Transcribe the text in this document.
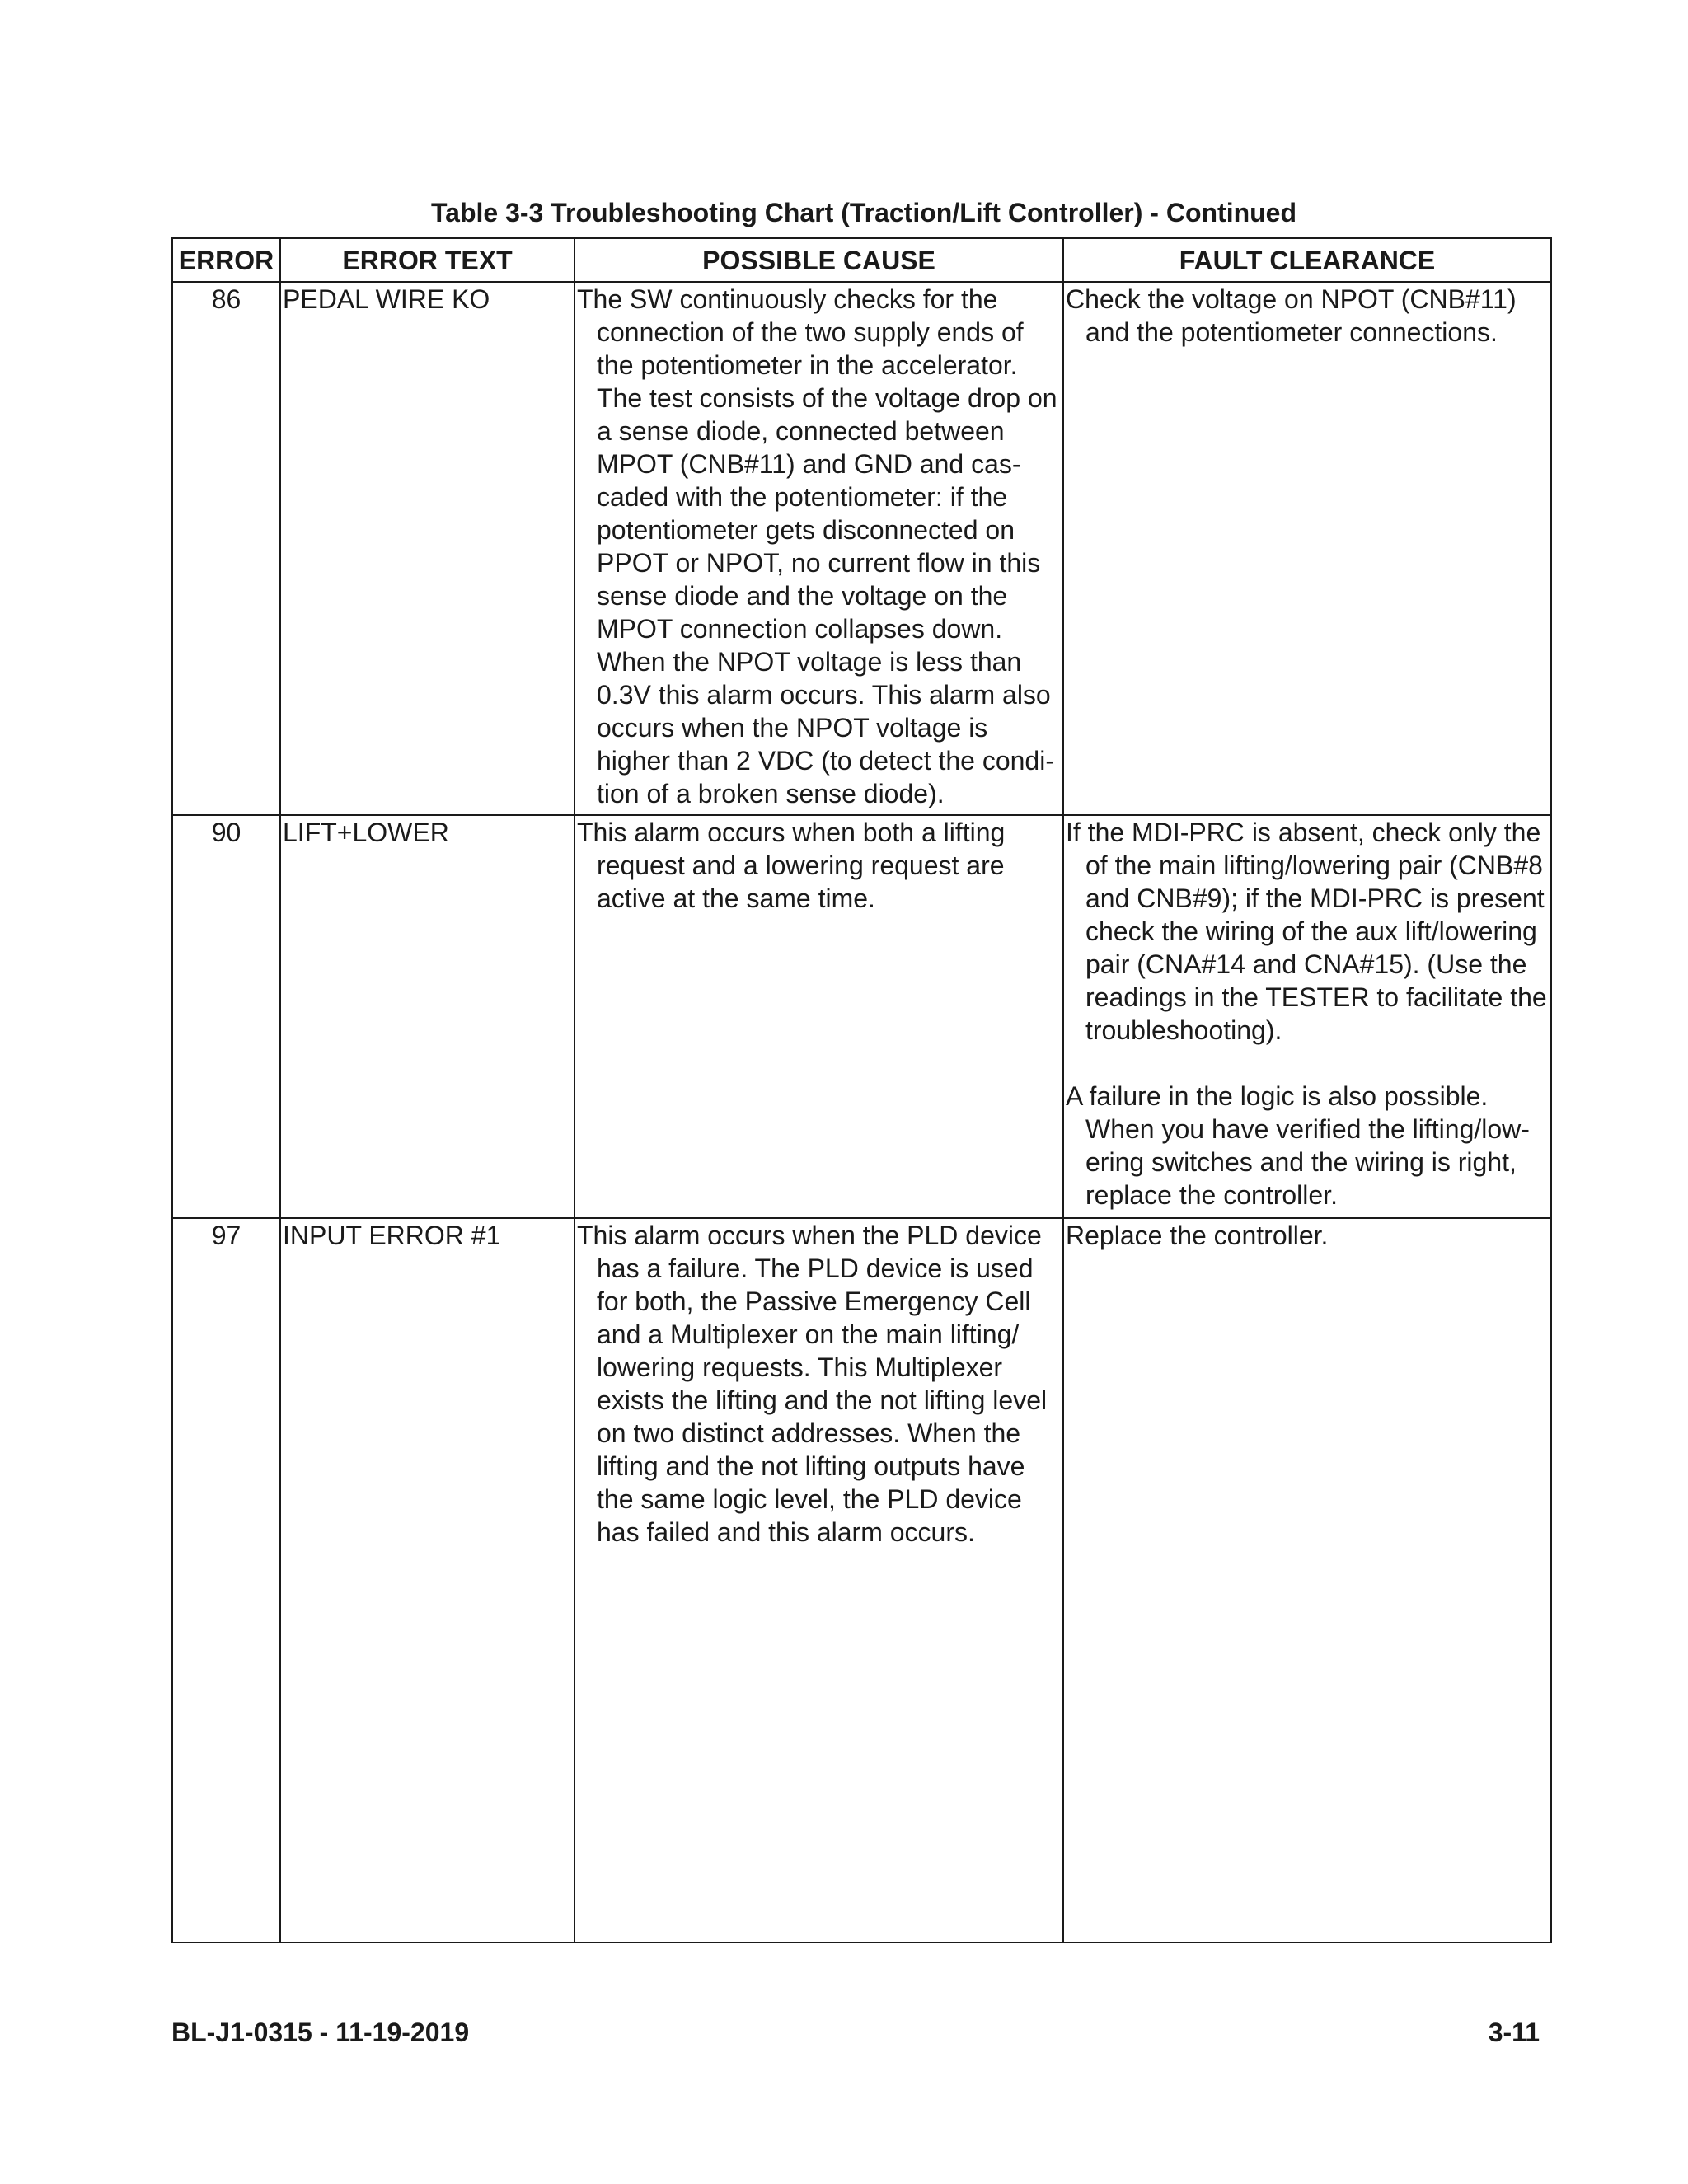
Table 3-3 Troubleshooting Chart (Traction/Lift Controller) - Continued
ERROR	ERROR TEXT	POSSIBLE CAUSE	FAULT CLEARANCE
86	PEDAL WIRE KO	The SW continuously checks for the connection of the two supply ends of the potentiometer in the accelerator. The test consists of the voltage drop on a sense diode, connected between MPOT (CNB#11) and GND and cas-caded with the potentiometer: if the potentiometer gets disconnected on PPOT or NPOT, no current flow in this sense diode and the voltage on the MPOT connection collapses down. When the NPOT voltage is less than 0.3V this alarm occurs. This alarm also occurs when the NPOT voltage is higher than 2 VDC (to detect the condi-tion of a broken sense diode).	Check the voltage on NPOT (CNB#11) and the potentiometer connections.

90	LIFT+LOWER	This alarm occurs when both a lifting request and a lowering request are active at the same time.	If the MDI-PRC is absent, check only the of the main lifting/lowering pair (CNB#8 and CNB#9); if the MDI-PRC is present check the wiring of the aux lift/lowering pair (CNA#14 and CNA#15). (Use the readings in the TESTER to facilitate the troubleshooting).

A failure in the logic is also possible. When you have verified the lifting/low-ering switches and the wiring is right, replace the controller.

97	INPUT ERROR #1	This alarm occurs when the PLD device has a failure. The PLD device is used for both, the Passive Emergency Cell and a Multiplexer on the main lifting/ lowering requests. This Multiplexer exists the lifting and the not lifting level on two distinct addresses. When the lifting and the not lifting outputs have the same logic level, the PLD device has failed and this alarm occurs.	Replace the controller.

BL-J1-0315 - 11-19-2019	3-11
